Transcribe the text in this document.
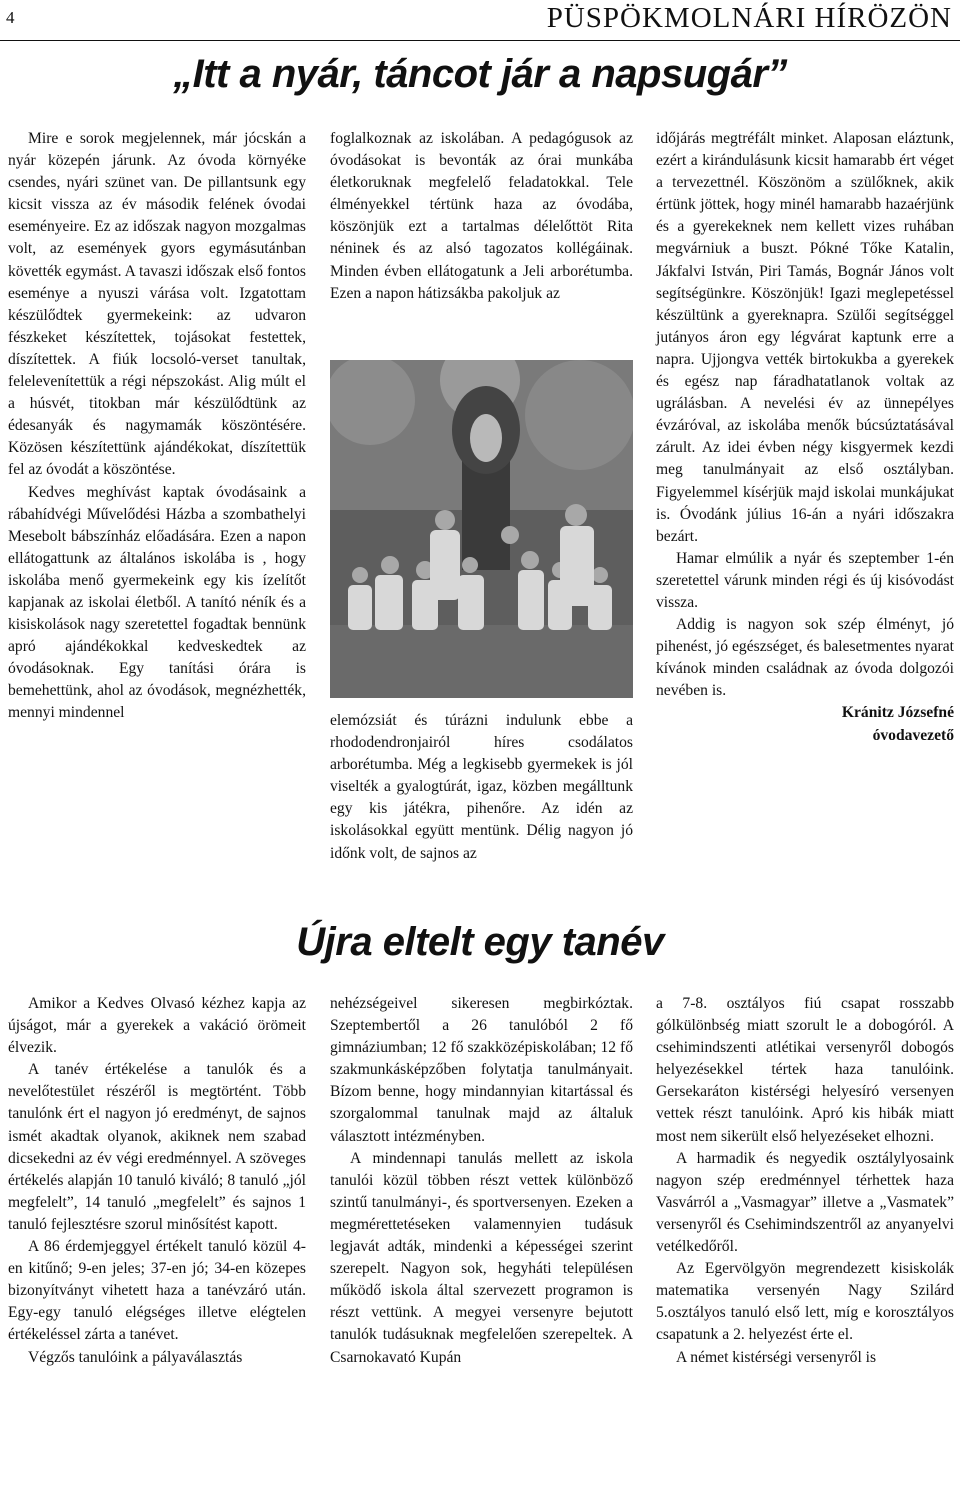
4	PÜSPÖKMOLNÁRI HÍRÖZÖN
„Itt a nyár, táncot jár a napsugár”

Mire e sorok megjelennek, már jócskán a nyár közepén járunk. Az óvoda környéke csendes, nyári szünet van. De pillantsunk egy kicsit vissza az év második felének óvodai eseményeire. Ez az időszak nagyon mozgalmas volt, az események gyors egymásutánban követték egymást. A tavaszi időszak első fontos eseménye a nyuszi várása volt. Izgatottam készülődtek gyermekeink: az udvaron fészkeket készítettek, tojásokat festettek, díszítettek. A fiúk locsoló-verset tanultak, felelevenítettük a régi népszokást. Alig múlt el a húsvét, titokban már készülődtünk az édesanyák és nagymamák köszöntésére. Közösen készítettünk ajándékokat, díszítettük fel az óvodát a köszöntése.

Kedves meghívást kaptak óvodásaink a rábahídvégi Művelődési Házba a szombathelyi Mesebolt bábszínház előadására. Ezen a napon ellátogattunk az általános iskolába is , hogy iskolába menő gyermekeink egy kis ízelítőt kapjanak az iskolai életből. A tanító néník és a kisiskolások nagy szeretettel fogadtak bennünk apró ajándékokkal kedveskedtek az óvodásoknak. Egy tanítási órára is bemehettünk, ahol az óvodások, megnézhették, mennyi mindennel

foglalkoznak az iskolában. A pedagógusok az óvodásokat is bevonták az órai munkába életkoruknak megfelelő feladatokkal. Tele élményekkel tértünk haza az óvodába, köszönjük ezt a tartalmas délelőttöt Rita néninek és az alsó tagozatos kollégáinak. Minden évben ellátogatunk a Jeli arborétumba. Ezen a napon hátizsákba pakoljuk az

elemózsiát és túrázni indulunk ebbe a rhododendronjairól híres csodálatos arborétumba. Még a legkisebb gyermekek is jól viselték a gyalogtúrát, igaz, közben megálltunk egy kis játékra, pihenőre. Az idén az iskolásokkal együtt mentünk. Délig nagyon jó időnk volt, de sajnos az

időjárás megtréfált minket. Alaposan eláztunk, ezért a kirándulásunk kicsit hamarabb ért véget a tervezettnél. Köszönöm a szülőknek, akik értünk jöttek, hogy minél hamarabb hazaérjünk és a gyerekeknek nem kellett vizes ruhában megvárniuk a buszt. Pókné Tőke Katalin, Jákfalvi István, Piri Tamás, Bognár János volt segítségünkre. Köszönjük! Igazi meglepetéssel készültünk a gyereknapra. Szülői segítséggel jutányos áron egy légvárat kaptunk erre a napra. Ujjongva vették birtokukba a gyerekek és egész nap fáradhatatlanok voltak az ugrálásban. A nevelési év az ünnepélyes évzáróval, az iskolába menők búcsúztatásával zárult. Az idei évben négy kisgyermek kezdi meg tanulmányait az első osztályban. Figyelemmel kísérjük majd iskolai munkájukat is. Óvodánk július 16-án a nyári időszakra bezárt.

Hamar elmúlik a nyár és szeptember 1-én szeretettel várunk minden régi és új kisóvodást vissza.

Addig is nagyon sok szép élményt, jó pihenést, jó egészséget, és balesetmentes nyarat kívánok minden családnak az óvoda dolgozói nevében is.

Kránitz Józsefné

óvodavezető

Újra eltelt egy tanév

Amikor a Kedves Olvasó kézhez kapja az újságot, már a gyerekek a vakáció örömeit élvezik.

A tanév értékelése a tanulók és a nevelőtestület részéről is megtörtént. Több tanulónk ért el nagyon jó eredményt, de sajnos ismét akadtak olyanok, akiknek nem szabad dicsekedni az év végi eredménnyel. A szöveges értékelés alapján 10 tanuló kiváló; 8 tanuló „jól megfelelt”, 14 tanuló „megfelelt” és sajnos 1 tanuló fejlesztésre szorul minősítést kapott.

A 86 érdemjeggyel értékelt tanuló közül 4-en kitűnő; 9-en jeles; 37-en jó; 34-en közepes bizonyítványt vihetett haza a tanévzáró után. Egy-egy tanuló elégséges illetve elégtelen értékeléssel zárta a tanévet.

Végzős tanulóink a pályaválasztás

nehézségeivel sikeresen megbirkóztak. Szeptembertől a 26 tanulóból 2 fő gimnáziumban; 12 fő szakközépiskolában; 12 fő szakmunkásképzőben folytatja tanulmányait. Bízom benne, hogy mindannyian kitartással és szorgalommal tanulnak majd az általuk választott intézményben.

A mindennapi tanulás mellett az iskola tanulói közül többen részt vettek különböző szintű tanulmányi-, és sportversenyen. Ezeken a megmérettetéseken valamennyien tudásuk legjavát adták, mindenki a képességei szerint szerepelt. Nagyon sok, hegyháti településen működő iskola által szervezett programon is részt vettünk. A megyei versenyre bejutott tanulók tudásuknak megfelelően szerepeltek. A Csarnokavató Kupán

a 7-8. osztályos fiú csapat rosszabb gólkülönbség miatt szorult le a dobogóról. A csehimindszenti atlétikai versenyről dobogós helyezésekkel tértek haza tanulóink. Gersekaráton kistérségi helyesíró versenyen vettek részt tanulóink. Apró kis hibák miatt most nem sikerült első helyezéseket elhozni.

A harmadik és negyedik osztálylyosaink nagyon szép eredménnyel térhettek haza Vasvárról a „Vasmagyar” illetve a „Vasmatek” versenyről és Csehimindszentről az anyanyelvi vetélkedőről.

Az Egervölgyön megrendezett kisiskolák matematika versenyén Nagy Szilárd 5.osztályos tanuló első lett, míg e korosztályos csapatunk a 2. helyezést érte el.

A német kistérségi versenyről is
